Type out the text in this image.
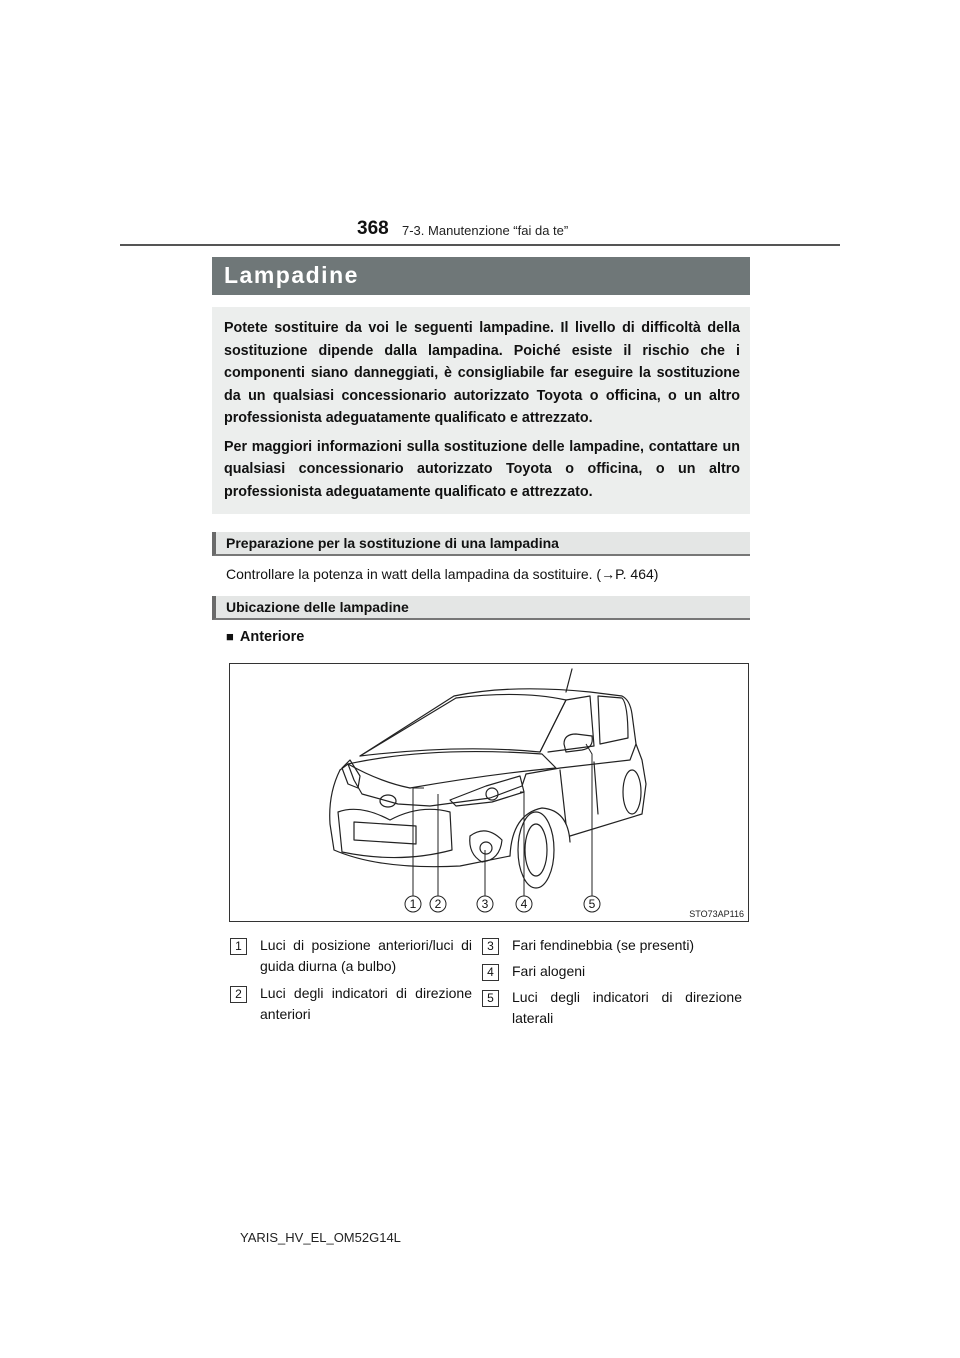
368 7-3. Manutenzione “fai da te”
Lampadine

Potete sostituire da voi le seguenti lampadine. Il livello di difficoltà della sostituzione dipende dalla lampadina. Poiché esiste il rischio che i componenti siano danneggiati, è consigliabile far eseguire la sostituzione da un qualsiasi concessionario autorizzato Toyota o officina, o un altro professionista adeguatamente qualificato e attrezzato.

Per maggiori informazioni sulla sostituzione delle lampadine, contattare un qualsiasi concessionario autorizzato Toyota o officina, o un altro professionista adeguatamente qualificato e attrezzato.

Preparazione per la sostituzione di una lampadina
Controllare la potenza in watt della lampadina da sostituire. (→P. 464)
Ubicazione delle lampadine
■ Anteriore
1 2	3	4	5
STO73AP116
1	Luci di posizione anteriori/luci di guida diurna (a bulbo)
2	Luci degli indicatori di direzione anteriori
3	Fari fendinebbia (se presenti)
4	Fari alogeni
5	Luci degli indicatori di direzione laterali
YARIS_HV_EL_OM52G14L
